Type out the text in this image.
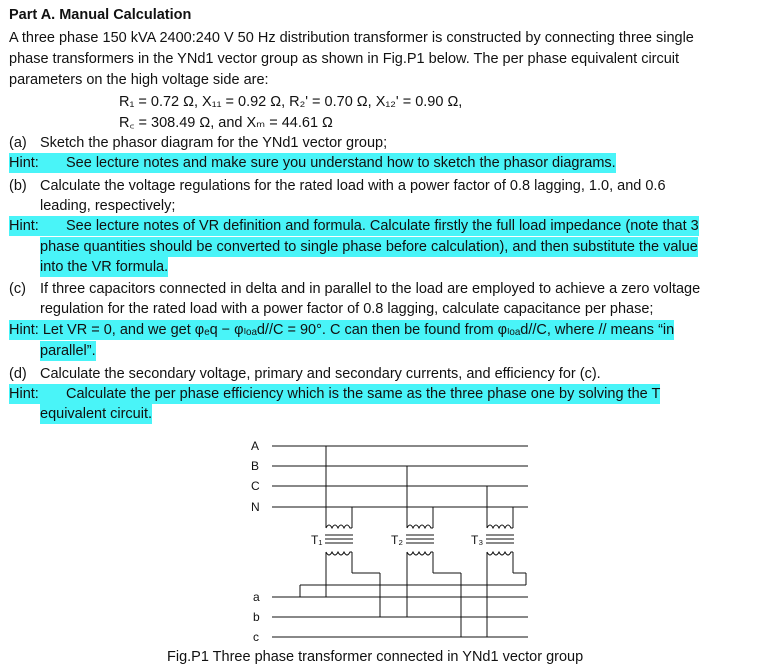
Part A. Manual Calculation
A three phase 150 kVA 2400:240 V 50 Hz distribution transformer is constructed by connecting three single
phase transformers in the YNd1 vector group as shown in Fig.P1 below. The per phase equivalent circuit
parameters on the high voltage side are:
R₁ = 0.72 Ω, X₁₁ = 0.92 Ω, R₂' = 0.70 Ω, X₁₂' = 0.90 Ω,
R꜀ = 308.49 Ω, and Xₘ = 44.61 Ω
(a) Sketch the phasor diagram for the YNd1 vector group;
Hint:	See lecture notes and make sure you understand how to sketch the phasor diagrams.
(b) Calculate the voltage regulations for the rated load with a power factor of 0.8 lagging, 1.0, and 0.6
leading, respectively;
Hint:	See lecture notes of VR definition and formula. Calculate firstly the full load impedance (note that 3
phase quantities should be converted to single phase before calculation), and then substitute the value
into the VR formula.
(c) If three capacitors connected in delta and in parallel to the load are employed to achieve a zero voltage
regulation for the rated load with a power factor of 0.8 lagging, calculate capacitance per phase;
Hint: Let VR = 0, and we get φₑq − φₗₒₐd//C = 90°. C can then be found from φₗₒₐd//C, where // means “in
parallel”.
(d) Calculate the secondary voltage, primary and secondary currents, and efficiency for (c).
Hint:	Calculate the per phase efficiency which is the same as the three phase one by solving the T
equivalent circuit.
A
B
C
N
a
b
c
T₁	T₂	T₃
Fig.P1 Three phase transformer connected in YNd1 vector group
